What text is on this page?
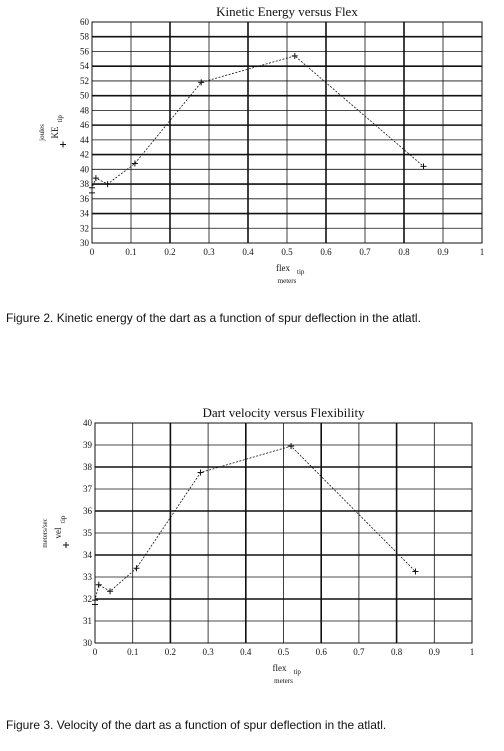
Kinetic Energy versus Flex
0	0.1	0.2	0.3	0.4	0.5	0.6	0.7	0.8	0.9	1
30
32
34
36
38
40
42
44
46
48
50
52
54
56
58
60
flex tip
meters
joules KE
tip
Figure 2. Kinetic energy of the dart as a function of spur deflection in the atlatl.
Dart velocity versus Flexibility
0	0.1	0.2	0.3	0.4	0.5	0.6	0.7	0.8	0.9	1
30
31
32
33
34
35
36
37
38
39
40
flex tip
meters
meters/sec vel
tip
Figure 3. Velocity of the dart as a function of spur deflection in the atlatl.
